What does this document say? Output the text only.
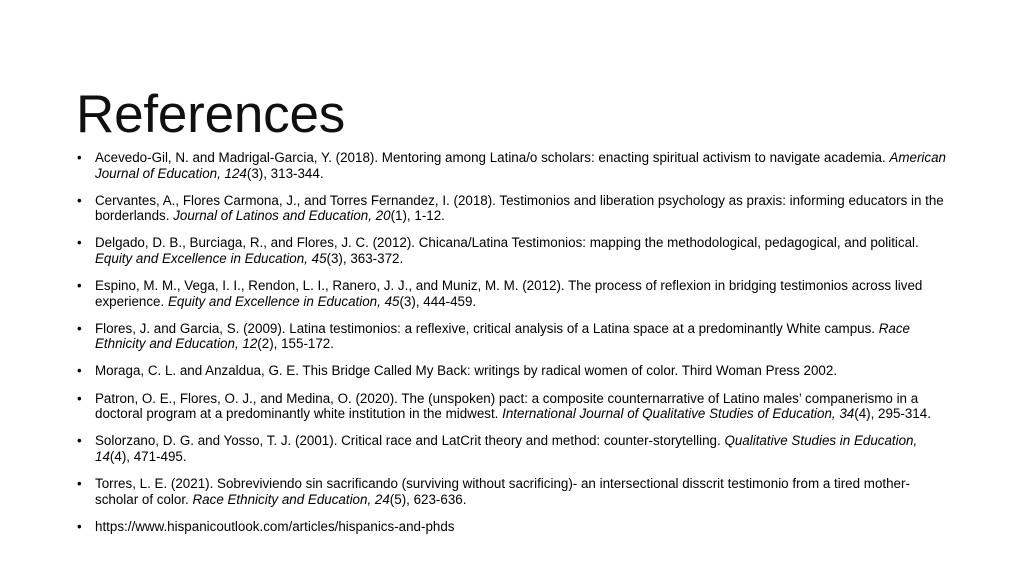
References
• Acevedo-Gil, N. and Madrigal-Garcia, Y. (2018). Mentoring among Latina/o scholars: enacting spiritual activism to navigate academia. American Journal of Education, 124(3), 313-344.
• Cervantes, A., Flores Carmona, J., and Torres Fernandez, I. (2018). Testimonios and liberation psychology as praxis: informing educators in the borderlands. Journal of Latinos and Education, 20(1), 1-12.
• Delgado, D. B., Burciaga, R., and Flores, J. C. (2012). Chicana/Latina Testimonios: mapping the methodological, pedagogical, and political. Equity and Excellence in Education, 45(3), 363-372.
• Espino, M. M., Vega, I. I., Rendon, L. I., Ranero, J. J., and Muniz, M. M. (2012). The process of reflexion in bridging testimonios across lived experience. Equity and Excellence in Education, 45(3), 444-459.
• Flores, J. and Garcia, S. (2009). Latina testimonios: a reflexive, critical analysis of a Latina space at a predominantly White campus. Race Ethnicity and Education, 12(2), 155-172.
• Moraga, C. L. and Anzaldua, G. E. This Bridge Called My Back: writings by radical women of color. Third Woman Press 2002.
• Patron, O. E., Flores, O. J., and Medina, O. (2020). The (unspoken) pact: a composite counternarrative of Latino males’ companerismo in a doctoral program at a predominantly white institution in the midwest. International Journal of Qualitative Studies of Education, 34(4), 295-314.
• Solorzano, D. G. and Yosso, T. J. (2001). Critical race and LatCrit theory and method: counter-storytelling. Qualitative Studies in Education, 14(4), 471-495.
• Torres, L. E. (2021). Sobreviviendo sin sacrificando (surviving without sacrificing)- an intersectional disscrit testimonio from a tired mother-scholar of color. Race Ethnicity and Education, 24(5), 623-636.
• https://www.hispanicoutlook.com/articles/hispanics-and-phds
